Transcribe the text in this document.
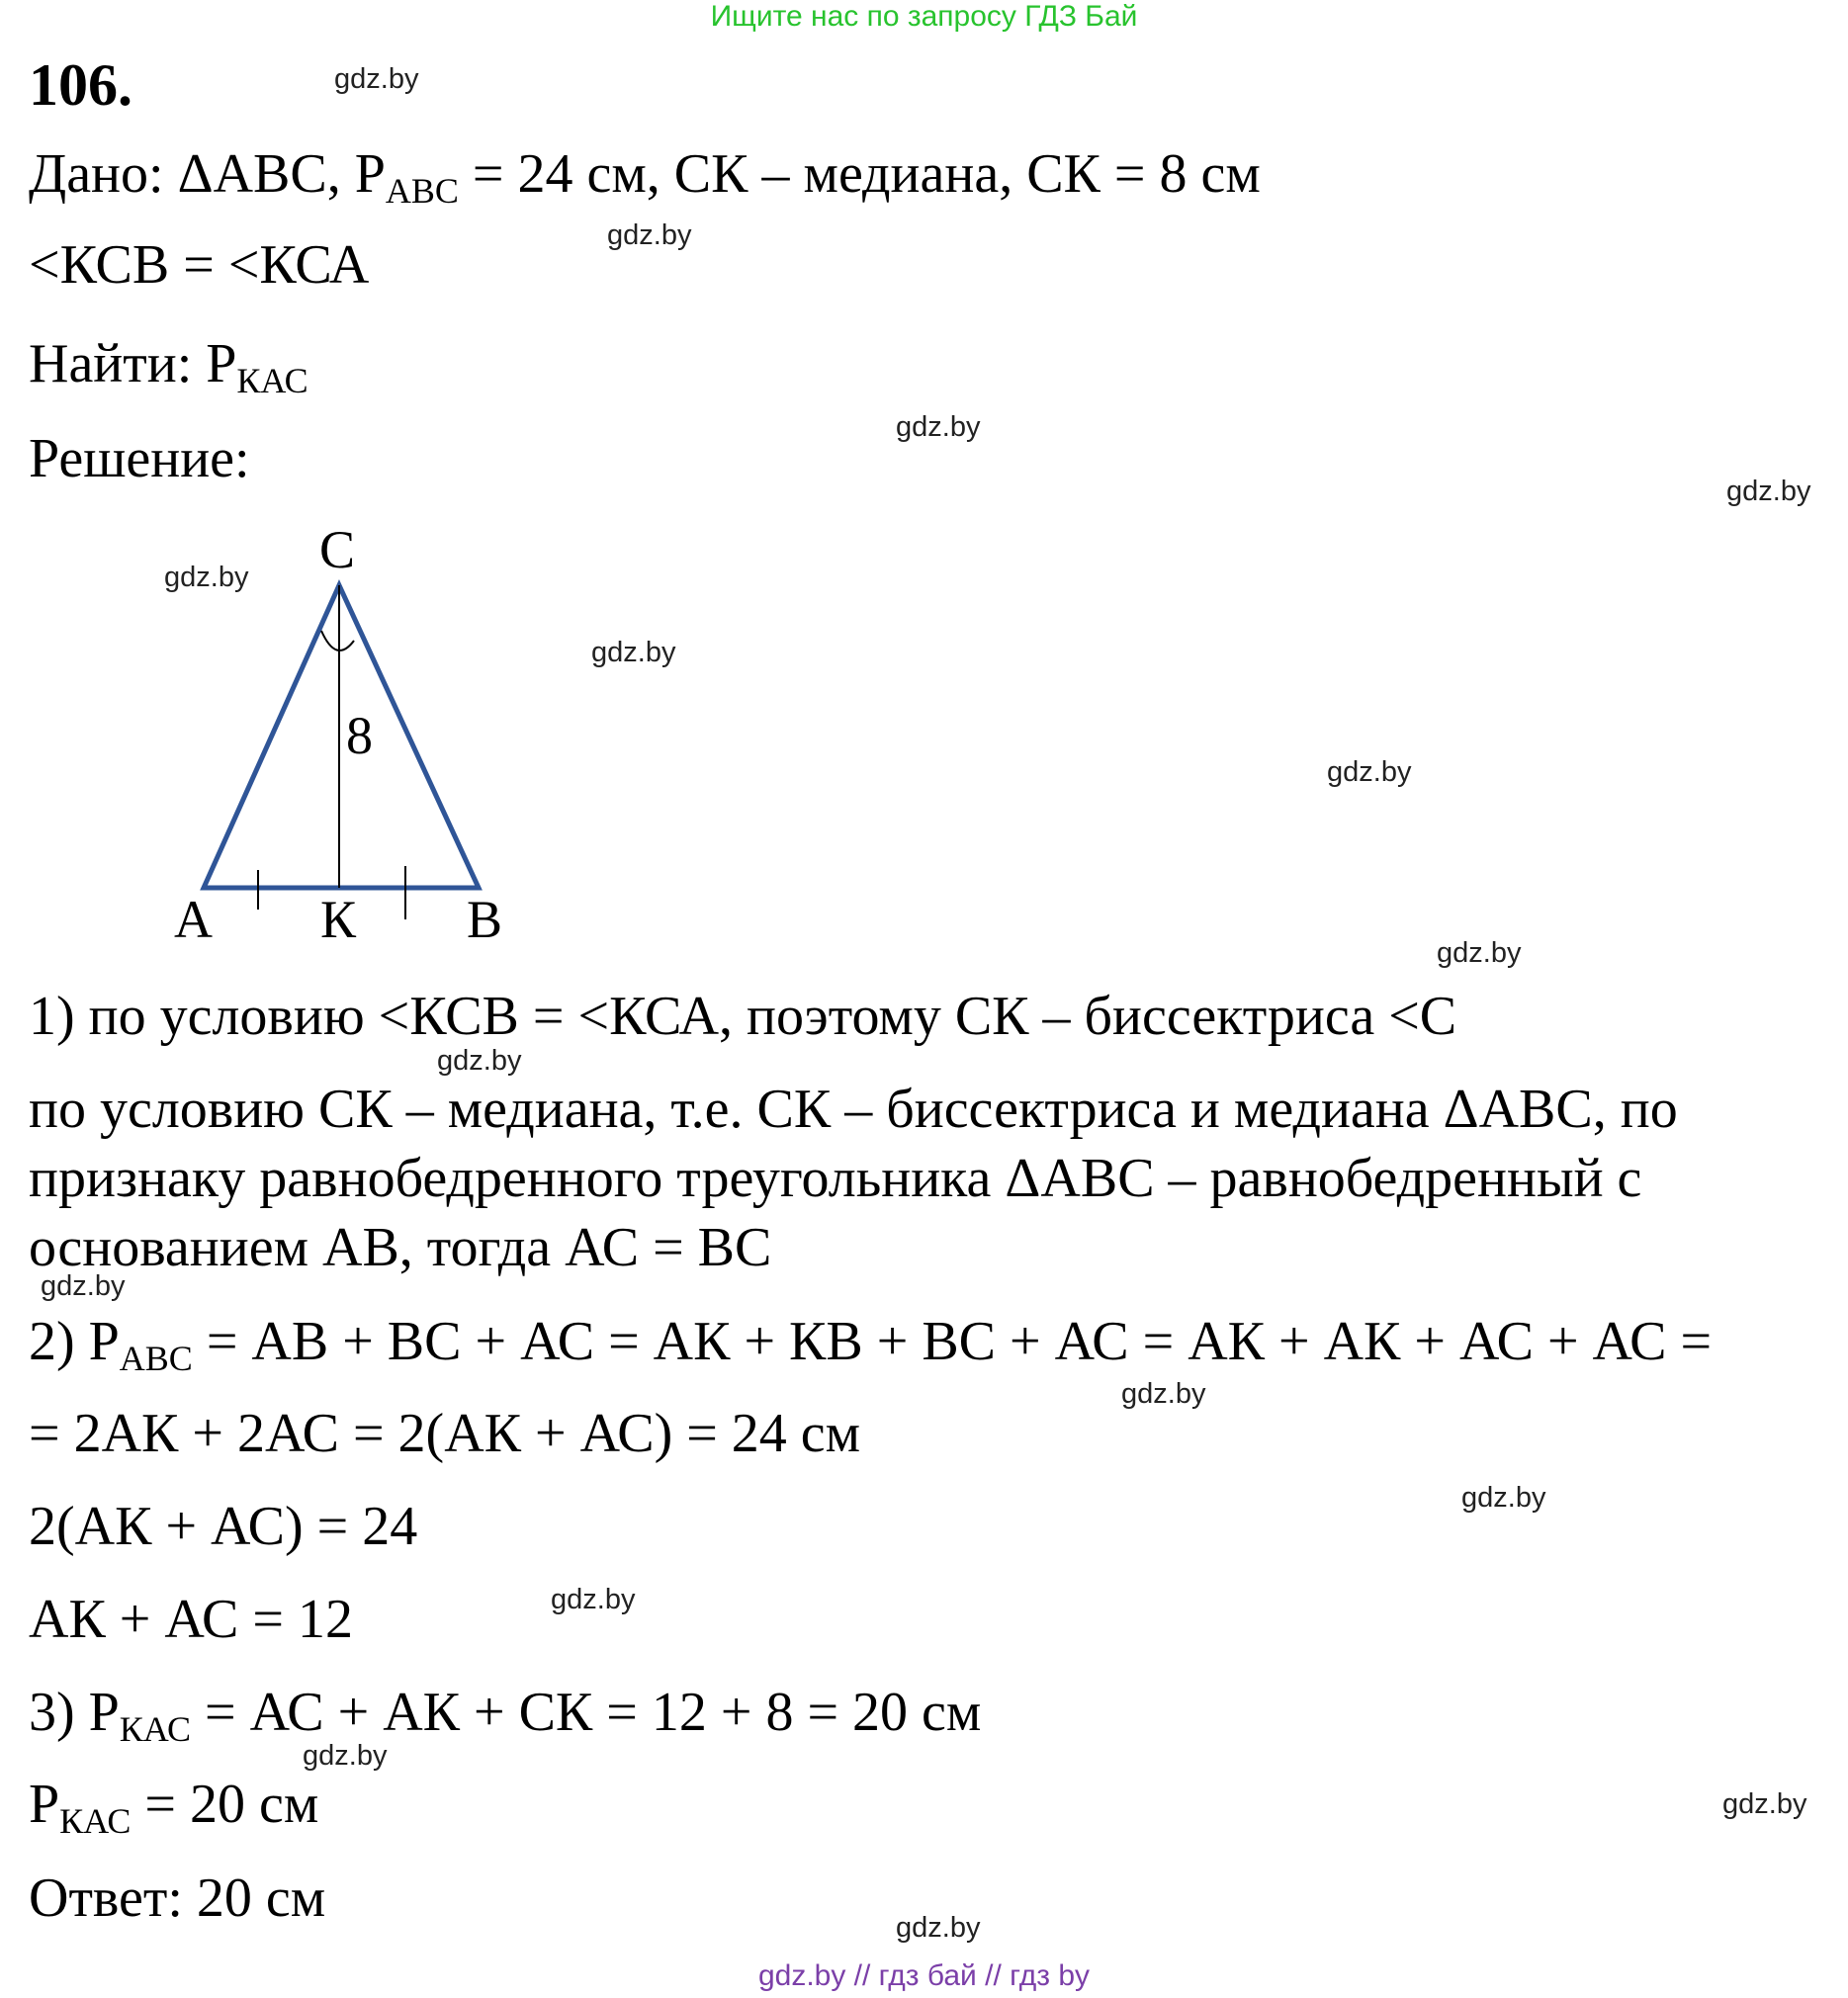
Ищите нас по запросу ГДЗ Бай
106.
Дано: ΔАВС, $Р_{АВС} = 24$ см, СК – медиана, СК = 8 см
<КСВ = <КСА
Найти: $Р_{КАС}$
Решение:
С
8
А К В
1) по условию <КСВ = <КСА, поэтому СК – биссектриса <С
по условию СК – медиана, т.е. СК – биссектриса и медиана ΔАВС, по
признаку равнобедренного треугольника ΔАВС – равнобедренный с
основанием АВ, тогда АС = ВС
2) $Р_{АВС}$ = АВ + ВС + АС = АК + КВ + ВС + АС = АК + АК + АС + АС =
= 2АК + 2АС = 2(АК + АС) = 24 см
2(АК + АС) = 24
АК + АС = 12
3) $Р_{КАС}$ = АС + АК + СК = 12 + 8 = 20 см
$Р_{КАС} = 20$ см
Ответ: 20 см
gdz.by
gdz.by
gdz.by
gdz.by
gdz.by
gdz.by
gdz.by
gdz.by
gdz.by
gdz.by
gdz.by
gdz.by
gdz.by
gdz.by
gdz.by
gdz.by
gdz.by // гдз бай // гдз by
